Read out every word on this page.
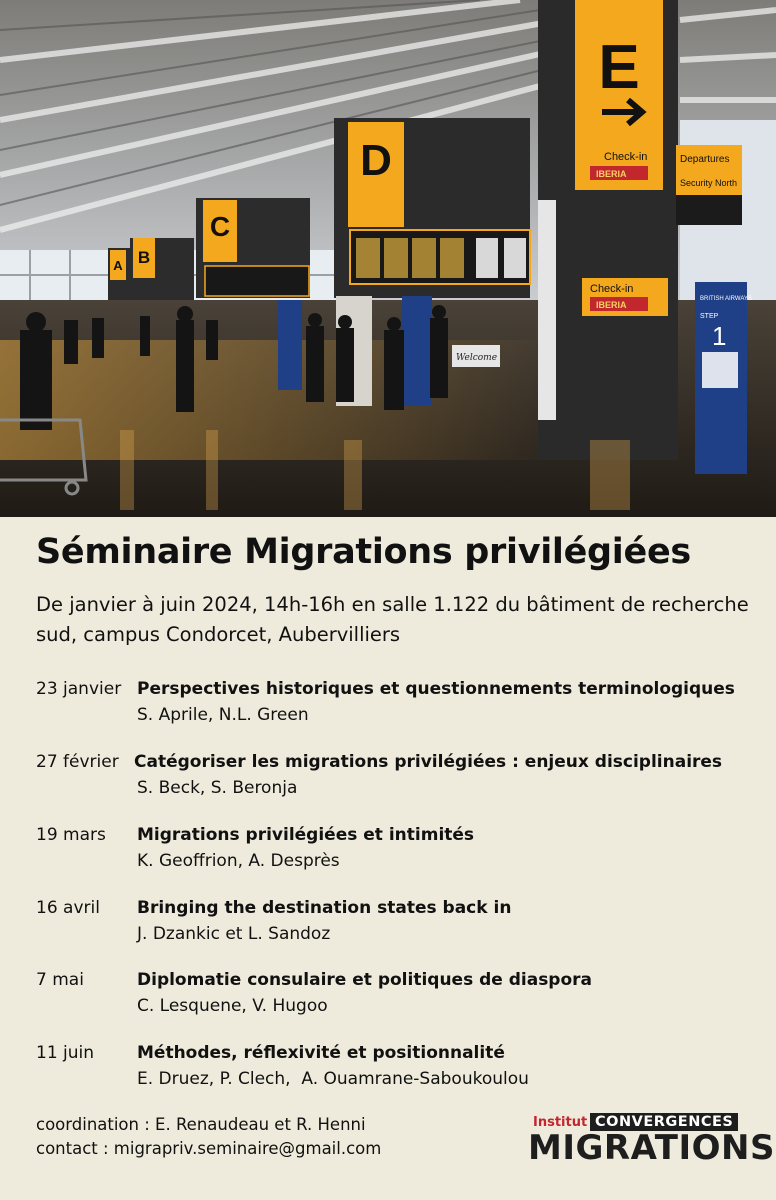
E
Check-in
IBERIA
Check-in
IBERIA
Departures
Security North
BRITISH AIRWAYS
STEP
1
D
C
B
A
Welcome
Séminaire Migrations privilégiées
De janvier à juin 2024, 14h-16h en salle 1.122 du bâtiment de recherche sud, campus Condorcet, Aubervilliers
23 janvier Perspectives historiques et questionnements terminologiques
S. Aprile, N.L. Green
27 février Catégoriser les migrations privilégiées : enjeux disciplinaires
S. Beck, S. Beronja
19 mars Migrations privilégiées et intimités
K. Geoffrion, A. Desprès
16 avril Bringing the destination states back in
J. Dzankic et L. Sandoz
7 mai	Diplomatie consulaire et politiques de diaspora
C. Lesquene, V. Hugoo
11 juin	Méthodes, réflexivité et positionnalité
E. Druez, P. Clech,  A. Ouamrane-Saboukoulou
coordination : E. Renaudeau et R. Henni
contact : migrapriv.seminaire@gmail.com
Institut CONVERGENCES
MIGRATIONS
